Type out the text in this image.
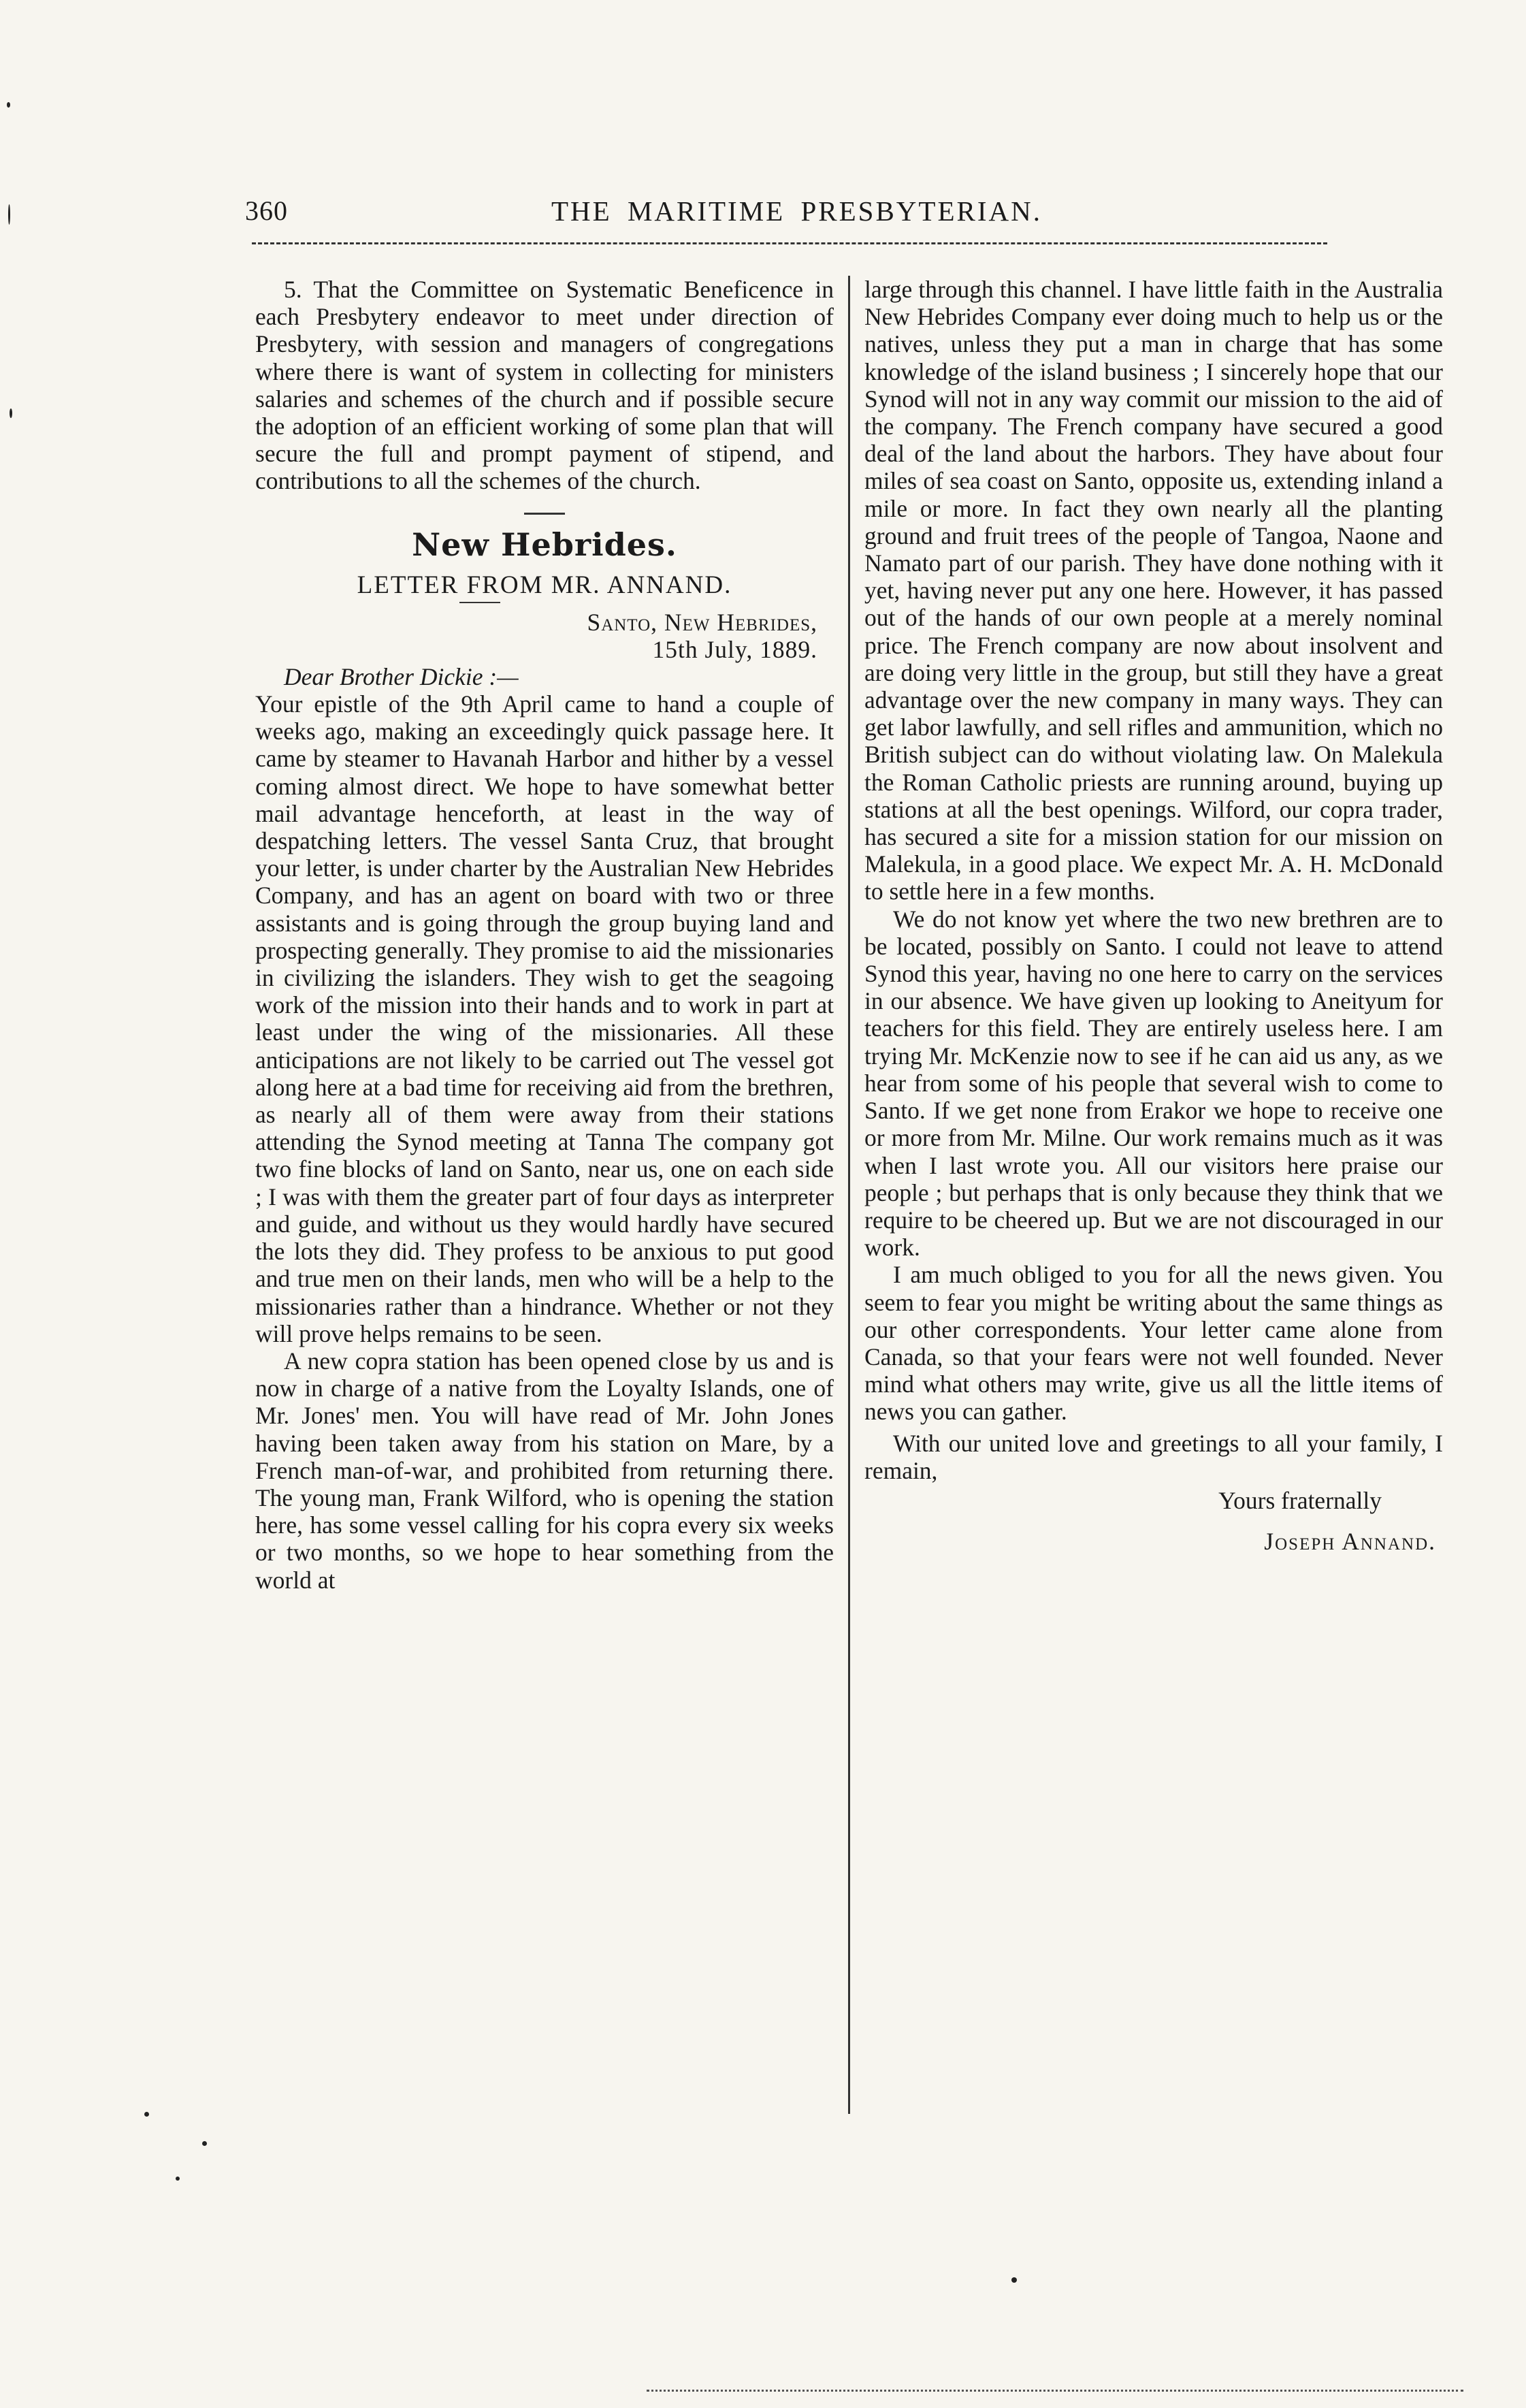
360	THE MARITIME PRESBYTERIAN.

5. That the Committee on Systematic Beneficence in each Presbytery endeavor to meet under direction of Presbytery, with session and managers of congregations where there is want of system in collecting for ministers salaries and schemes of the church and if possible secure the adoption of an efficient working of some plan that will secure the full and prompt payment of stipend, and contributions to all the schemes of the church.

New Hebrides.
LETTER FROM MR. ANNAND.
Santo, New Hebrides,
15th July, 1889.

Dear Brother Dickie :—

Your epistle of the 9th April came to hand a couple of weeks ago, making an exceedingly quick passage here. It came by steamer to Havanah Harbor and hither by a vessel coming almost direct. We hope to have somewhat better mail advantage henceforth, at least in the way of despatching letters. The vessel Santa Cruz, that brought your letter, is under charter by the Australian New Hebrides Company, and has an agent on board with two or three assistants and is going through the group buying land and prospecting generally. They promise to aid the missionaries in civilizing the islanders. They wish to get the seagoing work of the mission into their hands and to work in part at least under the wing of the missionaries. All these anticipations are not likely to be carried out The vessel got along here at a bad time for receiving aid from the brethren, as nearly all of them were away from their stations attending the Synod meeting at Tanna The company got two fine blocks of land on Santo, near us, one on each side ; I was with them the greater part of four days as interpreter and guide, and without us they would hardly have secured the lots they did. They profess to be anxious to put good and true men on their lands, men who will be a help to the missionaries rather than a hindrance. Whether or not they will prove helps remains to be seen.

A new copra station has been opened close by us and is now in charge of a native from the Loyalty Islands, one of Mr. Jones' men. You will have read of Mr. John Jones having been taken away from his station on Mare, by a French man-of-war, and prohibited from returning there. The young man, Frank Wilford, who is opening the station here, has some vessel calling for his copra every six weeks or two months, so we hope to hear something from the world at

large through this channel. I have little faith in the Australia New Hebrides Company ever doing much to help us or the natives, unless they put a man in charge that has some knowledge of the island business ; I sincerely hope that our Synod will not in any way commit our mission to the aid of the company. The French company have secured a good deal of the land about the harbors. They have about four miles of sea coast on Santo, opposite us, extending inland a mile or more. In fact they own nearly all the planting ground and fruit trees of the people of Tangoa, Naone and Namato part of our parish. They have done nothing with it yet, having never put any one here. However, it has passed out of the hands of our own people at a merely nominal price. The French company are now about insolvent and are doing very little in the group, but still they have a great advantage over the new company in many ways. They can get labor lawfully, and sell rifles and ammunition, which no British subject can do without violating law. On Malekula the Roman Catholic priests are running around, buying up stations at all the best openings. Wilford, our copra trader, has secured a site for a mission station for our mission on Malekula, in a good place. We expect Mr. A. H. McDonald to settle here in a few months.

We do not know yet where the two new brethren are to be located, possibly on Santo. I could not leave to attend Synod this year, having no one here to carry on the services in our absence. We have given up looking to Aneityum for teachers for this field. They are entirely useless here. I am trying Mr. McKenzie now to see if he can aid us any, as we hear from some of his people that several wish to come to Santo. If we get none from Erakor we hope to receive one or more from Mr. Milne. Our work remains much as it was when I last wrote you. All our visitors here praise our people ; but perhaps that is only because they think that we require to be cheered up. But we are not discouraged in our work.

I am much obliged to you for all the news given. You seem to fear you might be writing about the same things as our other correspondents. Your letter came alone from Canada, so that your fears were not well founded. Never mind what others may write, give us all the little items of news you can gather.

With our united love and greetings to all your family, I remain,

Yours fraternally
Joseph Annand.
